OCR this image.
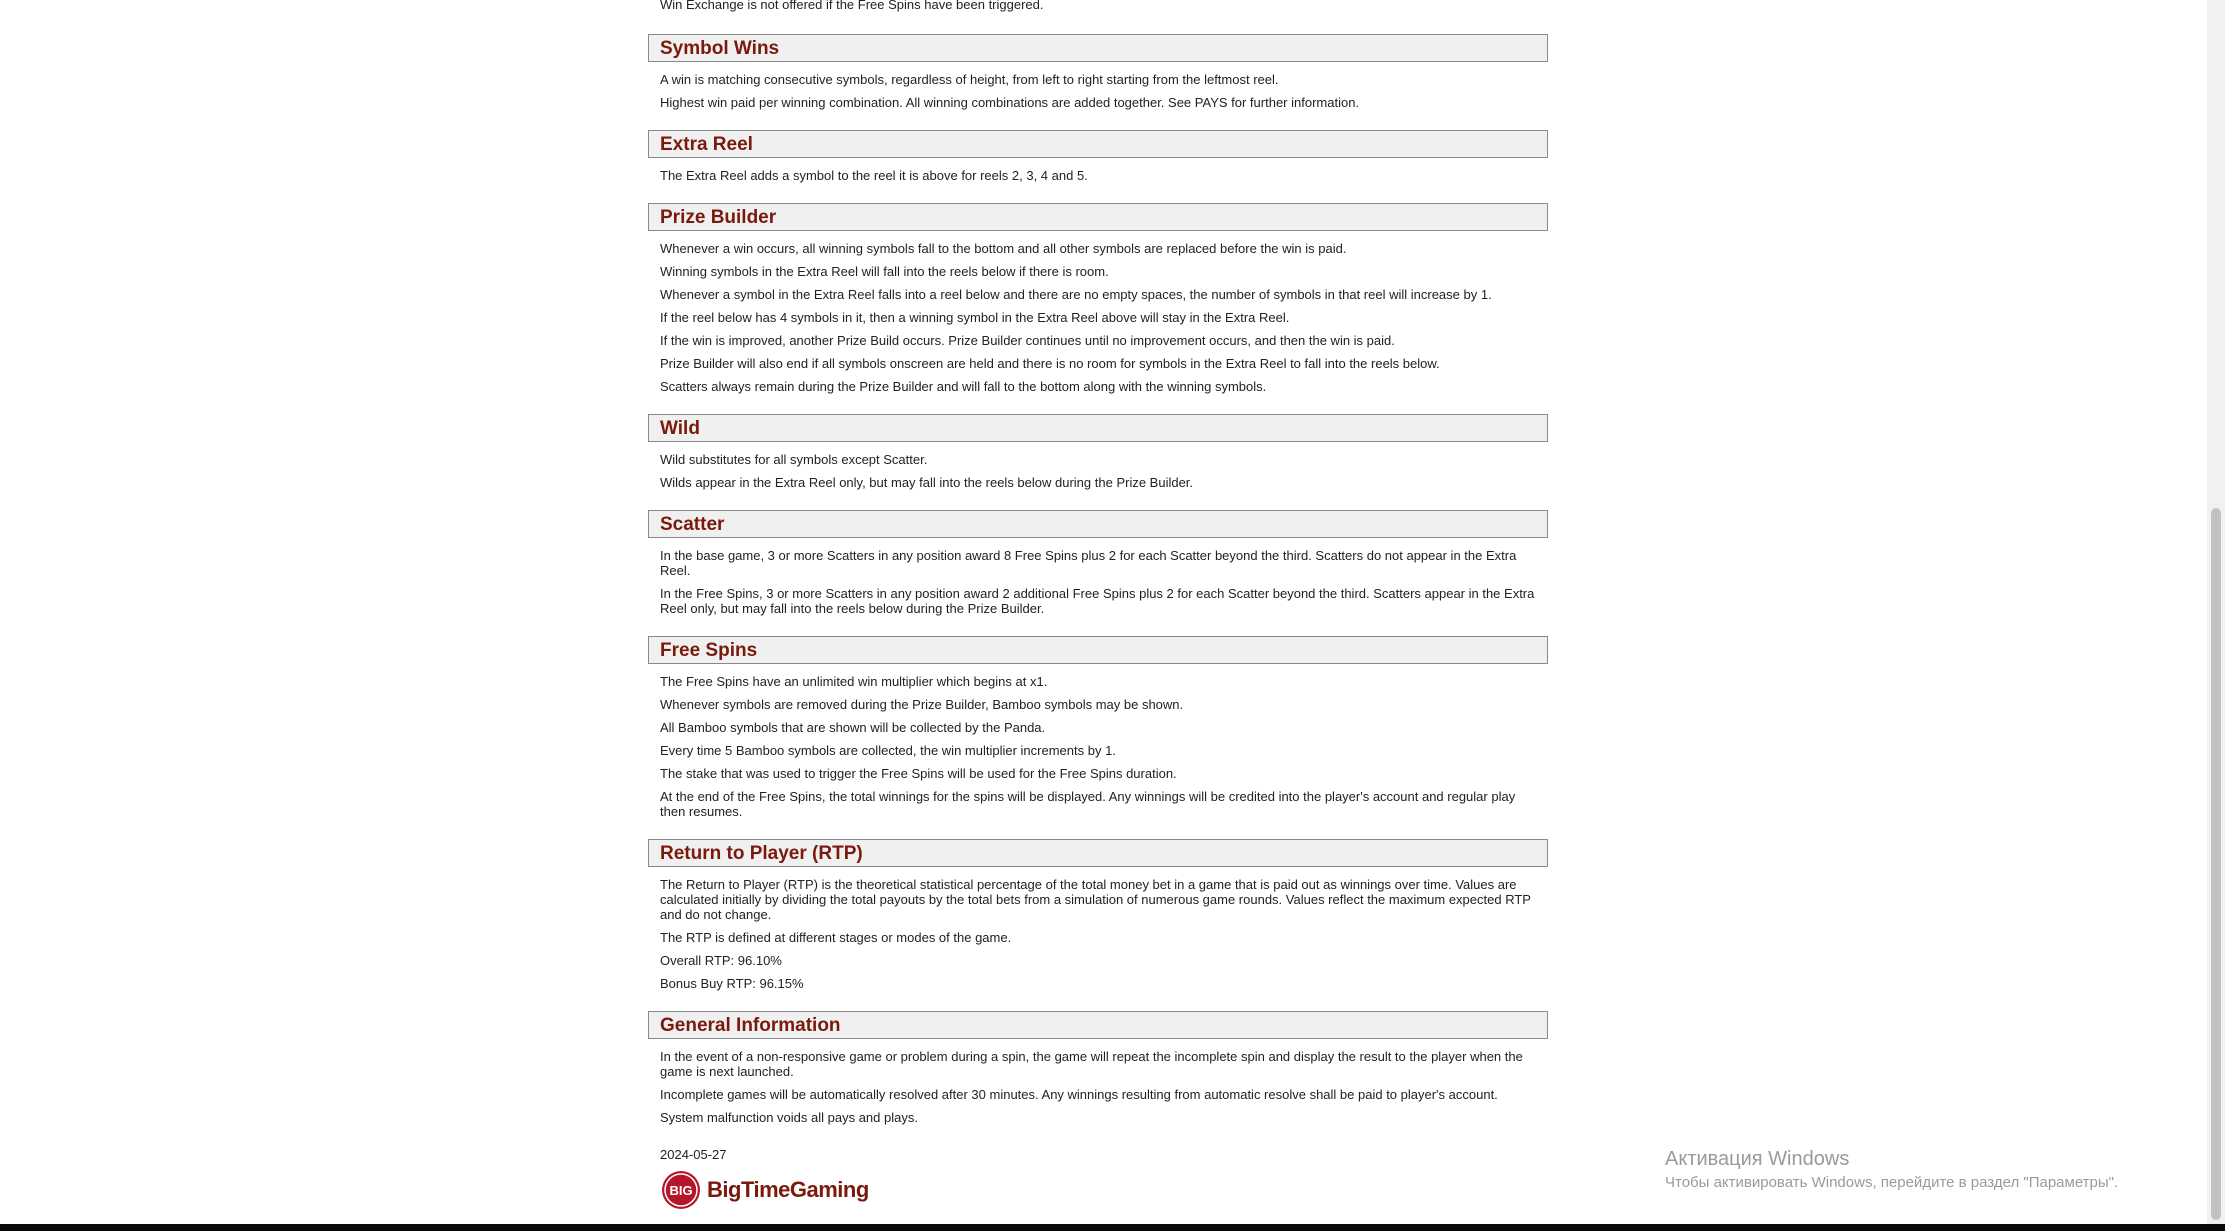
Win Exchange is not offered if the Free Spins have been triggered.

Symbol Wins

A win is matching consecutive symbols, regardless of height, from left to right starting from the leftmost reel.

Highest win paid per winning combination. All winning combinations are added together. See PAYS for further information.

Extra Reel

The Extra Reel adds a symbol to the reel it is above for reels 2, 3, 4 and 5.

Prize Builder

Whenever a win occurs, all winning symbols fall to the bottom and all other symbols are replaced before the win is paid.

Winning symbols in the Extra Reel will fall into the reels below if there is room.

Whenever a symbol in the Extra Reel falls into a reel below and there are no empty spaces, the number of symbols in that reel will increase by 1.

If the reel below has 4 symbols in it, then a winning symbol in the Extra Reel above will stay in the Extra Reel.

If the win is improved, another Prize Build occurs. Prize Builder continues until no improvement occurs, and then the win is paid.

Prize Builder will also end if all symbols onscreen are held and there is no room for symbols in the Extra Reel to fall into the reels below.

Scatters always remain during the Prize Builder and will fall to the bottom along with the winning symbols.

Wild

Wild substitutes for all symbols except Scatter.

Wilds appear in the Extra Reel only, but may fall into the reels below during the Prize Builder.

Scatter

In the base game, 3 or more Scatters in any position award 8 Free Spins plus 2 for each Scatter beyond the third. Scatters do not appear in the Extra Reel.

In the Free Spins, 3 or more Scatters in any position award 2 additional Free Spins plus 2 for each Scatter beyond the third. Scatters appear in the Extra Reel only, but may fall into the reels below during the Prize Builder.

Free Spins

The Free Spins have an unlimited win multiplier which begins at x1.

Whenever symbols are removed during the Prize Builder, Bamboo symbols may be shown.

All Bamboo symbols that are shown will be collected by the Panda.

Every time 5 Bamboo symbols are collected, the win multiplier increments by 1.

The stake that was used to trigger the Free Spins will be used for the Free Spins duration.

At the end of the Free Spins, the total winnings for the spins will be displayed. Any winnings will be credited into the player's account and regular play then resumes.

Return to Player (RTP)

The Return to Player (RTP) is the theoretical statistical percentage of the total money bet in a game that is paid out as winnings over time. Values are calculated initially by dividing the total payouts by the total bets from a simulation of numerous game rounds. Values reflect the maximum expected RTP and do not change.

The RTP is defined at different stages or modes of the game.

Overall RTP: 96.10%

Bonus Buy RTP: 96.15%

General Information

In the event of a non-responsive game or problem during a spin, the game will repeat the incomplete spin and display the result to the player when the game is next launched.

Incomplete games will be automatically resolved after 30 minutes. Any winnings resulting from automatic resolve shall be paid to player's account.

System malfunction voids all pays and plays.

2024-05-27

BIG BigTimeGaming
Активация Windows
Чтобы активировать Windows, перейдите в раздел "Параметры".
